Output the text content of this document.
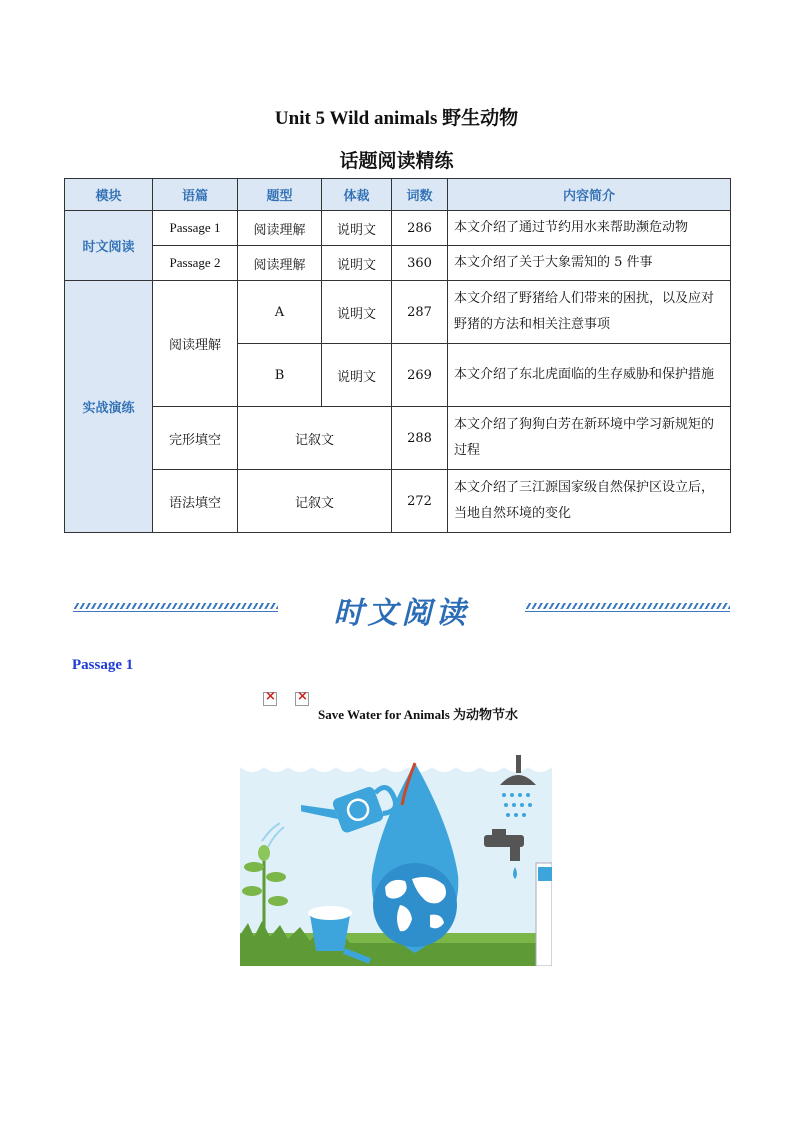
Unit 5 Wild animals 野生动物
话题阅读精练
模块	语篇	题型	体裁	词数	内容简介
时文阅读	Passage 1	阅读理解	说明文	286	本文介绍了通过节约用水来帮助濒危动物
	Passage 2	阅读理解	说明文	360	本文介绍了关于大象需知的 5 件事
实战演练	阅读理解	A	说明文	287	本文介绍了野猪给人们带来的困扰，以及应对野猪的方法和相关注意事项
		B	说明文	269	本文介绍了东北虎面临的生存威胁和保护措施
	完形填空	记叙文		288	本文介绍了狗狗白芳在新环境中学习新规矩的过程
	语法填空	记叙文		272	本文介绍了三江源国家级自然保护区设立后，当地自然环境的变化
时文阅读
Passage 1
×
×
Save Water for Animals 为动物节水
